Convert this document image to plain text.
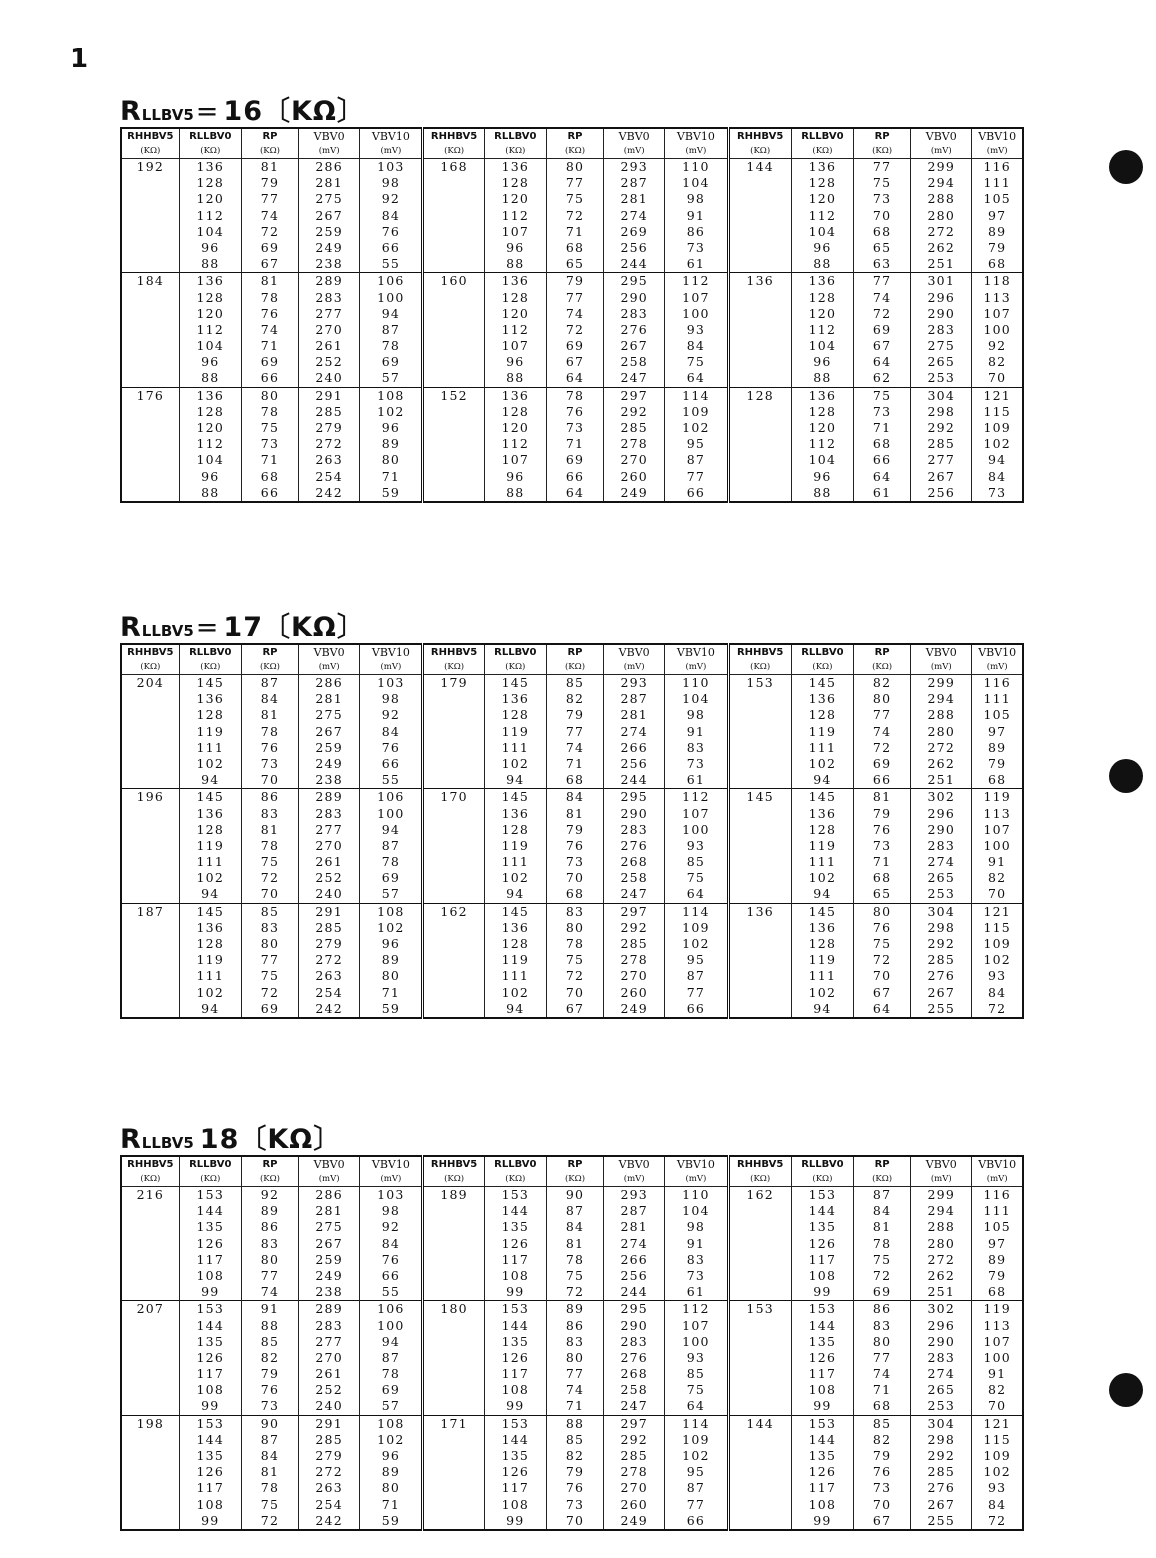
1
RLLBV5= 16〔KΩ〕
RHHBV5	RLLBV0	RP	VBV0	VBV10	RHHBV5	RLLBV0	RP	VBV0	VBV10	RHHBV5	RLLBV0	RP	VBV0	VBV10
(KΩ)	(KΩ)	(KΩ)	(mV)	(mV)	(KΩ)	(KΩ)	(KΩ)	(mV)	(mV)	(KΩ)	(KΩ)	(KΩ)	(mV)	(mV)
192	136	81	286	103	168	136	80	293	110	144	136	77	299	116
	128	79	281	98		128	77	287	104		128	75	294	111
	120	77	275	92		120	75	281	98		120	73	288	105
	112	74	267	84		112	72	274	91		112	70	280	97
	104	72	259	76		107	71	269	86		104	68	272	89
	96	69	249	66		96	68	256	73		96	65	262	79
	88	67	238	55		88	65	244	61		88	63	251	68
184	136	81	289	106	160	136	79	295	112	136	136	77	301	118
	128	78	283	100		128	77	290	107		128	74	296	113
	120	76	277	94		120	74	283	100		120	72	290	107
	112	74	270	87		112	72	276	93		112	69	283	100
	104	71	261	78		107	69	267	84		104	67	275	92
	96	69	252	69		96	67	258	75		96	64	265	82
	88	66	240	57		88	64	247	64		88	62	253	70
176	136	80	291	108	152	136	78	297	114	128	136	75	304	121
	128	78	285	102		128	76	292	109		128	73	298	115
	120	75	279	96		120	73	285	102		120	71	292	109
	112	73	272	89		112	71	278	95		112	68	285	102
	104	71	263	80		107	69	270	87		104	66	277	94
	96	68	254	71		96	66	260	77		96	64	267	84
	88	66	242	59		88	64	249	66		88	61	256	73
RLLBV5= 17〔KΩ〕
RHHBV5	RLLBV0	RP	VBV0	VBV10	RHHBV5	RLLBV0	RP	VBV0	VBV10	RHHBV5	RLLBV0	RP	VBV0	VBV10
(KΩ)	(KΩ)	(KΩ)	(mV)	(mV)	(KΩ)	(KΩ)	(KΩ)	(mV)	(mV)	(KΩ)	(KΩ)	(KΩ)	(mV)	(mV)
204	145	87	286	103	179	145	85	293	110	153	145	82	299	116
	136	84	281	98		136	82	287	104		136	80	294	111
	128	81	275	92		128	79	281	98		128	77	288	105
	119	78	267	84		119	77	274	91		119	74	280	97
	111	76	259	76		111	74	266	83		111	72	272	89
	102	73	249	66		102	71	256	73		102	69	262	79
	94	70	238	55		94	68	244	61		94	66	251	68
196	145	86	289	106	170	145	84	295	112	145	145	81	302	119
	136	83	283	100		136	81	290	107		136	79	296	113
	128	81	277	94		128	79	283	100		128	76	290	107
	119	78	270	87		119	76	276	93		119	73	283	100
	111	75	261	78		111	73	268	85		111	71	274	91
	102	72	252	69		102	70	258	75		102	68	265	82
	94	70	240	57		94	68	247	64		94	65	253	70
187	145	85	291	108	162	145	83	297	114	136	145	80	304	121
	136	83	285	102		136	80	292	109		136	76	298	115
	128	80	279	96		128	78	285	102		128	75	292	109
	119	77	272	89		119	75	278	95		119	72	285	102
	111	75	263	80		111	72	270	87		111	70	276	93
	102	72	254	71		102	70	260	77		102	67	267	84
	94	69	242	59		94	67	249	66		94	64	255	72
RLLBV5 18〔KΩ〕
RHHBV5	RLLBV0	RP	VBV0	VBV10	RHHBV5	RLLBV0	RP	VBV0	VBV10	RHHBV5	RLLBV0	RP	VBV0	VBV10
(KΩ)	(KΩ)	(KΩ)	(mV)	(mV)	(KΩ)	(KΩ)	(KΩ)	(mV)	(mV)	(KΩ)	(KΩ)	(KΩ)	(mV)	(mV)
216	153	92	286	103	189	153	90	293	110	162	153	87	299	116
	144	89	281	98		144	87	287	104		144	84	294	111
	135	86	275	92		135	84	281	98		135	81	288	105
	126	83	267	84		126	81	274	91		126	78	280	97
	117	80	259	76		117	78	266	83		117	75	272	89
	108	77	249	66		108	75	256	73		108	72	262	79
	99	74	238	55		99	72	244	61		99	69	251	68
207	153	91	289	106	180	153	89	295	112	153	153	86	302	119
	144	88	283	100		144	86	290	107		144	83	296	113
	135	85	277	94		135	83	283	100		135	80	290	107
	126	82	270	87		126	80	276	93		126	77	283	100
	117	79	261	78		117	77	268	85		117	74	274	91
	108	76	252	69		108	74	258	75		108	71	265	82
	99	73	240	57		99	71	247	64		99	68	253	70
198	153	90	291	108	171	153	88	297	114	144	153	85	304	121
	144	87	285	102		144	85	292	109		144	82	298	115
	135	84	279	96		135	82	285	102		135	79	292	109
	126	81	272	89		126	79	278	95		126	76	285	102
	117	78	263	80		117	76	270	87		117	73	276	93
	108	75	254	71		108	73	260	77		108	70	267	84
	99	72	242	59		99	70	249	66		99	67	255	72
